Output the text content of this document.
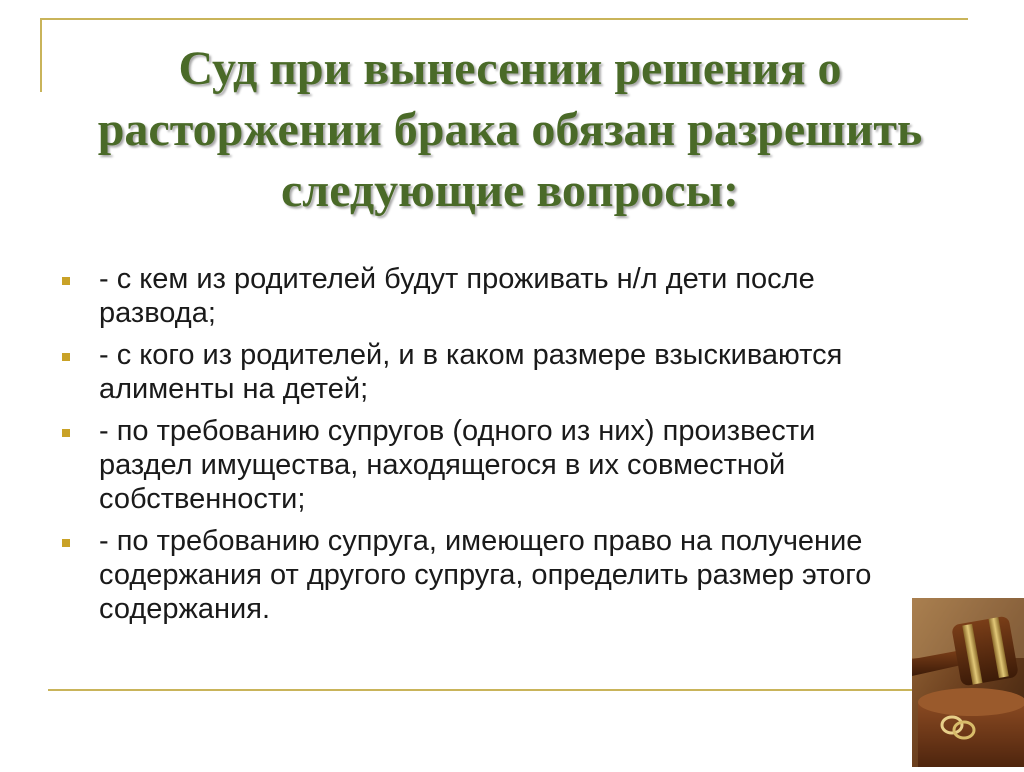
Суд при вынесении решения о расторжении брака обязан разрешить следующие вопросы:
- с кем из родителей будут проживать н/л дети после развода;
- с кого из родителей, и в каком размере взыскиваются алименты на детей;
- по требованию супругов (одного из них) произвести раздел имущества, находящегося в их совместной собственности;
- по требованию супруга, имеющего право на получение содержания от другого супруга, определить размер этого содержания.
